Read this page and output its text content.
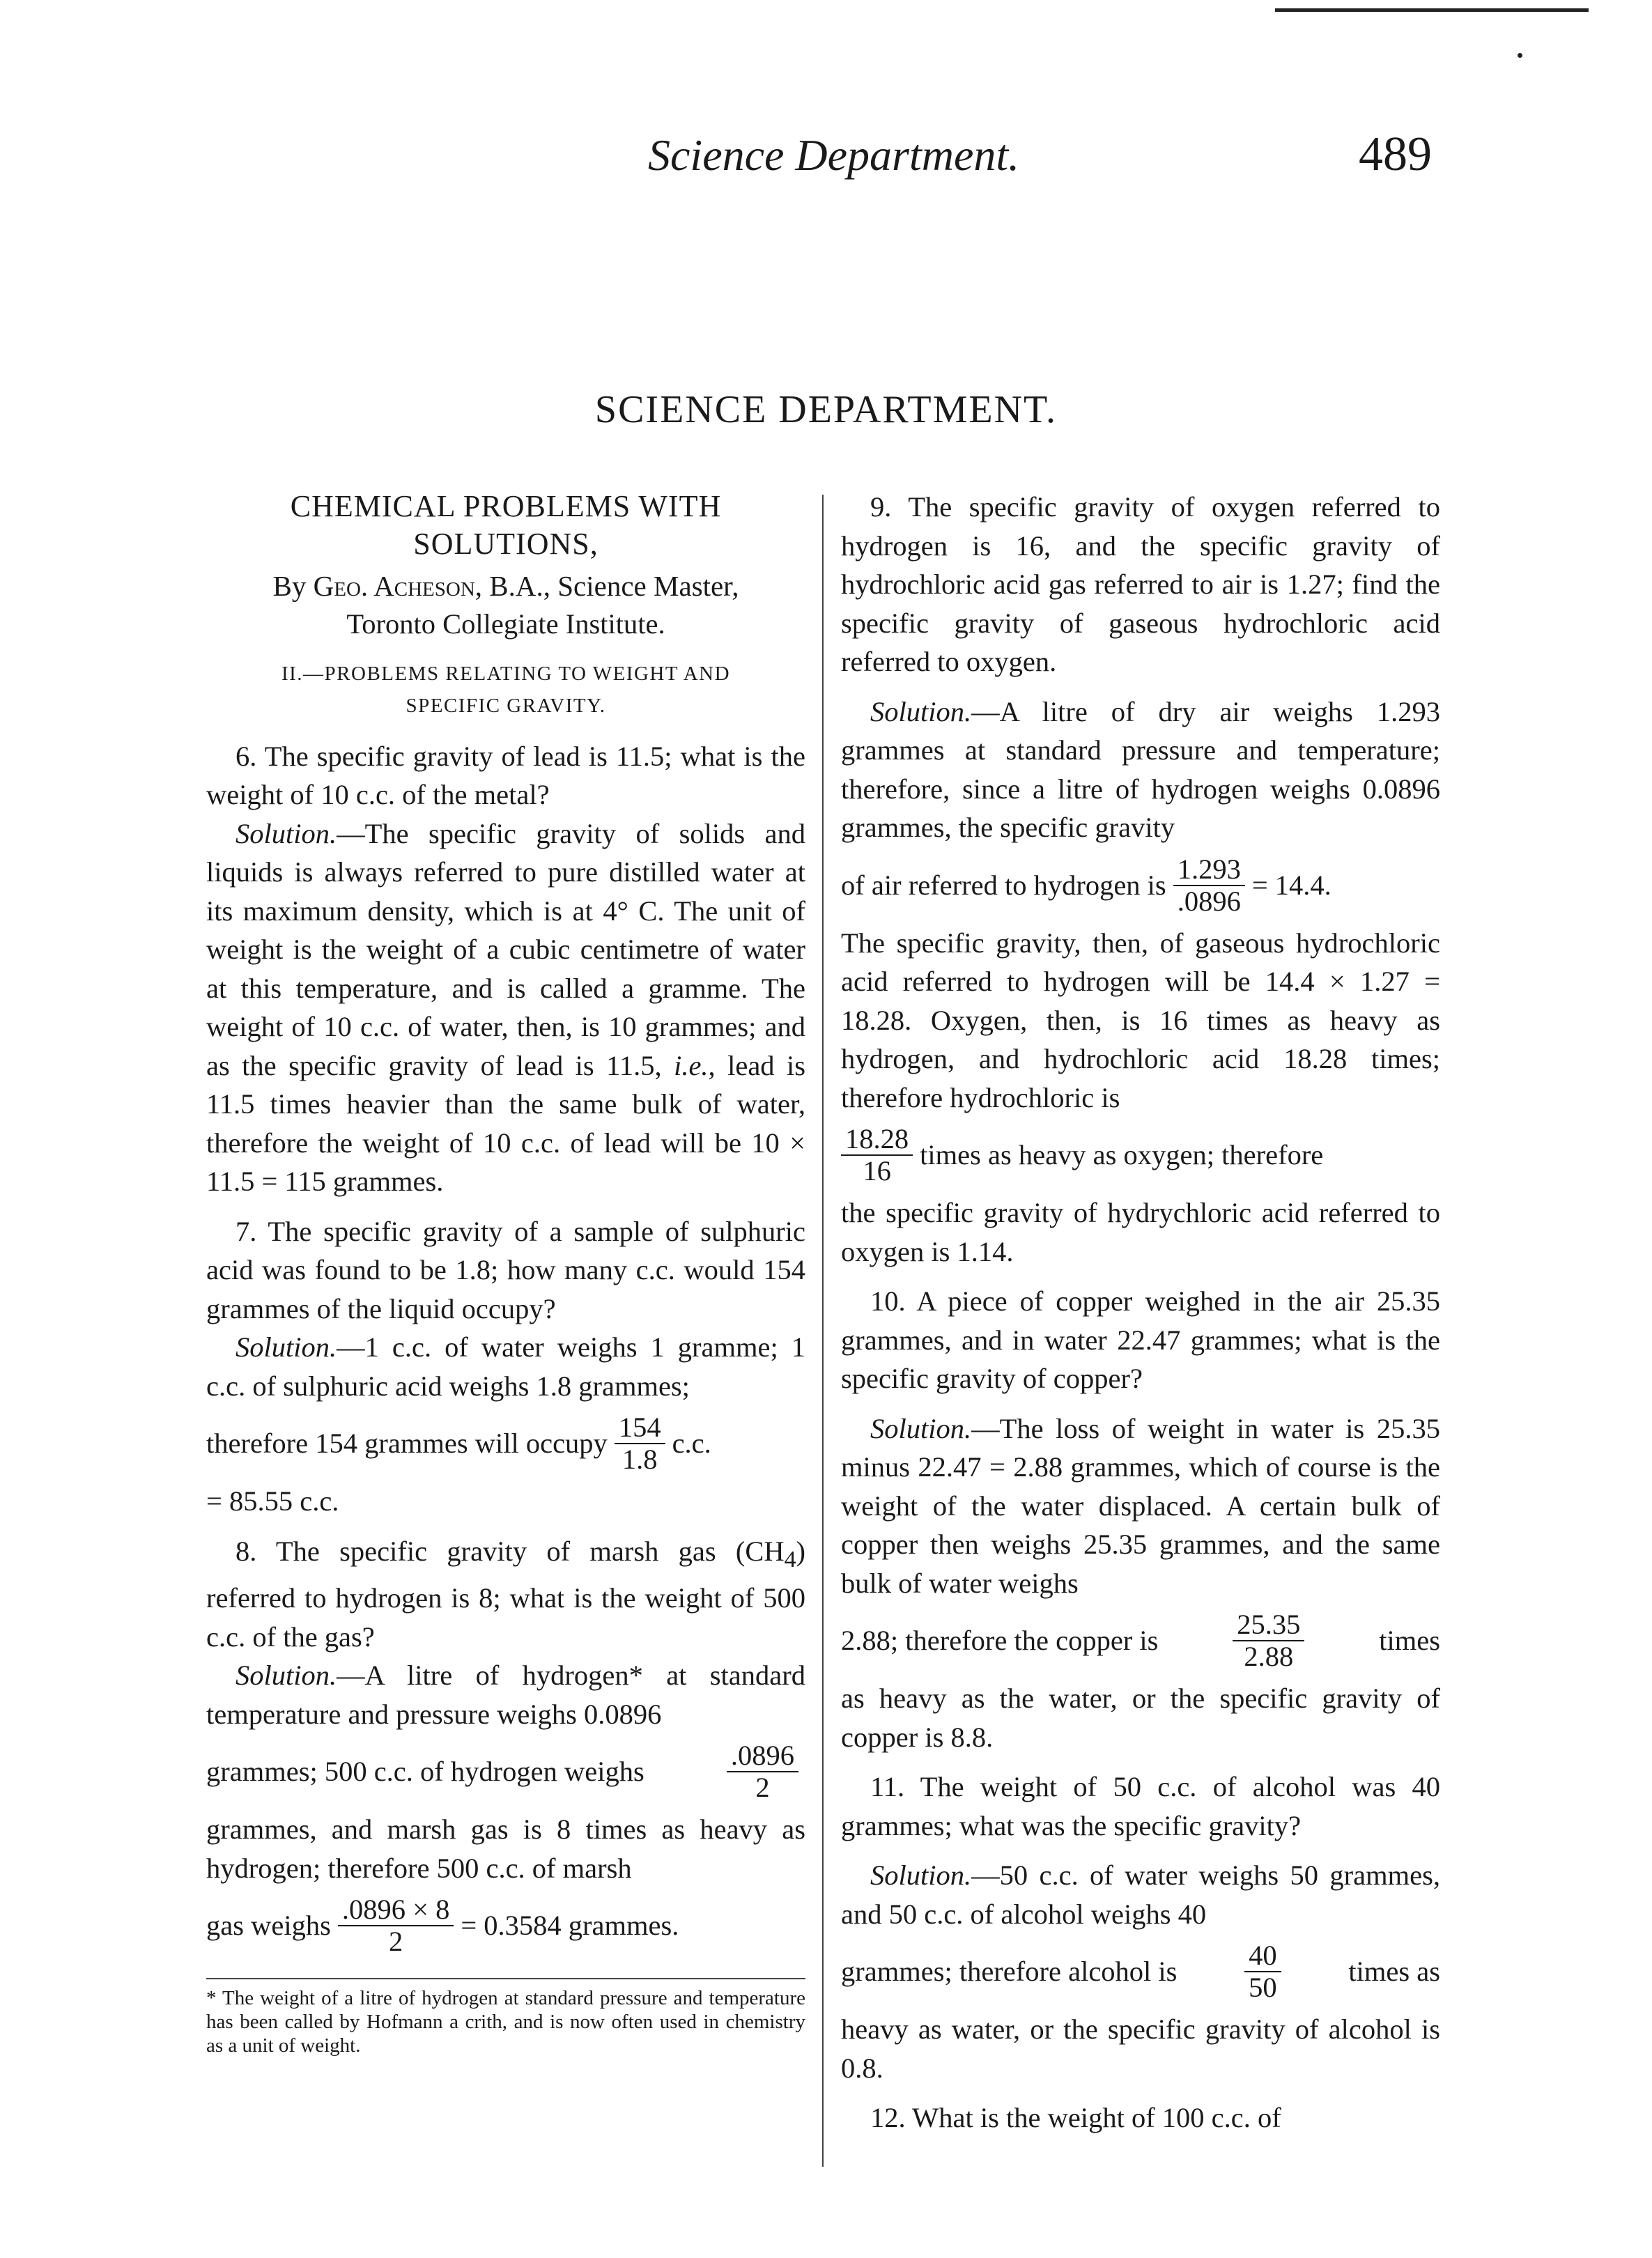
Science Department.	489
SCIENCE DEPARTMENT.

CHEMICAL PROBLEMS WITH

SOLUTIONS,

By Geo. Acheson, B.A., Science Master,

Toronto Collegiate Institute.

II.—PROBLEMS RELATING TO WEIGHT AND
SPECIFIC GRAVITY.

6. The specific gravity of lead is 11.5; what is the weight of 10 c.c. of the metal?

Solution.—The specific gravity of solids and liquids is always referred to pure distilled water at its maximum density, which is at 4° C. The unit of weight is the weight of a cubic centimetre of water at this temperature, and is called a gramme. The weight of 10 c.c. of water, then, is 10 grammes; and as the specific gravity of lead is 11.5, i.e., lead is 11.5 times heavier than the same bulk of water, therefore the weight of 10 c.c. of lead will be 10 × 11.5 = 115 grammes.

7. The specific gravity of a sample of sulphuric acid was found to be 1.8; how many c.c. would 154 grammes of the liquid occupy?

Solution.—1 c.c. of water weighs 1 gramme; 1 c.c. of sulphuric acid weighs 1.8 grammes;

therefore 154 grammes will occupy $\frac{154}{1.8} c.c$.

= 85.55 c.c.

8. The specific gravity of marsh gas $(CH_4)$ referred to hydrogen is 8; what is the weight of 500 c.c. of the gas?

Solution.—A litre of hydrogen* at standard temperature and pressure weighs 0.0896

grammes; 500 c.c. of hydrogen weighs	$\frac{.0896}{2}$

grammes, and marsh gas is 8 times as heavy as hydrogen; therefore 500 c.c. of marsh

gas weighs $\frac{.0896 \times 8}{2} = 0.3584$ grammes.

* The weight of a litre of hydrogen at standard pressure and temperature has been called by Hofmann a crith, and is now often used in chemistry as a unit of weight.

9. The specific gravity of oxygen referred to hydrogen is 16, and the specific gravity of hydrochloric acid gas referred to air is 1.27; find the specific gravity of gaseous hydrochloric acid referred to oxygen.

Solution.—A litre of dry air weighs 1.293 grammes at standard pressure and temperature; therefore, since a litre of hydrogen weighs 0.0896 grammes, the specific gravity

of air referred to hydrogen is $\frac{1.293}{.0896} = 14.4$.

The specific gravity, then, of gaseous hydrochloric acid referred to hydrogen will be 14.4 × 1.27 = 18.28. Oxygen, then, is 16 times as heavy as hydrogen, and hydrochloric acid 18.28 times; therefore hydrochloric is

$\frac{18.28}{16}$ times as heavy as oxygen; therefore

the specific gravity of hydrychloric acid referred to oxygen is 1.14.

10. A piece of copper weighed in the air 25.35 grammes, and in water 22.47 grammes; what is the specific gravity of copper?

Solution.—The loss of weight in water is 25.35 minus 22.47 = 2.88 grammes, which of course is the weight of the water displaced. A certain bulk of copper then weighs 25.35 grammes, and the same bulk of water weighs

2.88; therefore the copper is	$\frac{25.35}{2.88}$	times

as heavy as the water, or the specific gravity of copper is 8.8.

11. The weight of 50 c.c. of alcohol was 40 grammes; what was the specific gravity?

Solution.—50 c.c. of water weighs 50 grammes, and 50 c.c. of alcohol weighs 40

grammes; therefore alcohol is $\frac{40}{50}$ times as

heavy as water, or the specific gravity of alcohol is 0.8.

12. What is the weight of 100 c.c. of
